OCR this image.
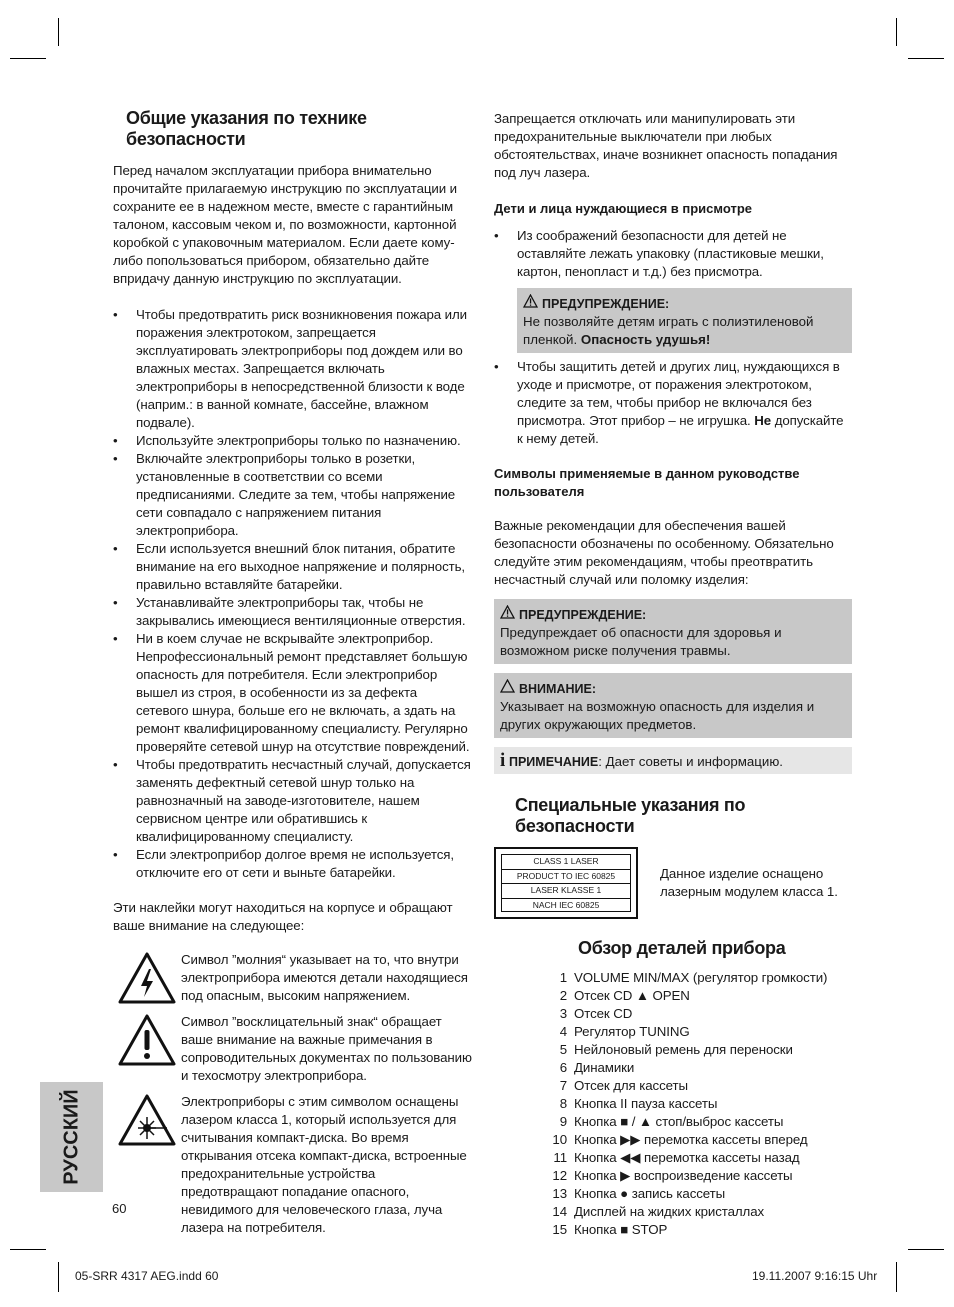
Общие указания по технике безопасности

Перед началом эксплуатации прибора внимательно прочитайте прилагаемую инструкцию по эксплуатации и сохраните ее в надежном месте, вместе с гарантийным талоном, кассовым чеком и, по возможности, картонной коробкой с упаковочным материалом. Если даете кому-либо попользоваться прибором, обязательно дайте впридачу данную инструкцию по эксплуатации.

• Чтобы предотвратить риск возникновения пожара или поражения электротоком, запрещается эксплуатировать электроприборы под дождем или во влажных местах. Запрещается включать электроприборы в непосредственной близости к воде (наприм.: в ванной комнате, бассейне, влажном подвале).
• Используйте электроприборы только по назначению.
• Включайте электроприборы только в розетки, установленные в соответствии со всеми предписаниями. Следите за тем, чтобы напряжение сети совпадало с напряжением питания электроприбора.
• Если используется внешний блок питания, обратите внимание на его выходное напряжение и полярность, правильно вставляйте батарейки.
• Устанавливайте электроприборы так, чтобы не закрывались имеющиеся вентиляционные отверстия.
• Ни в коем случае не вскрывайте электроприбор. Непрофессиональный ремонт представляет большую опасность для потребителя. Если электроприбор вышел из строя, в особенности из за дефекта сетевого шнура, больше его не включать, а здать на ремонт квалифицированному специалисту. Регулярно проверяйте сетевой шнур на отсутствие повреждений.
• Чтобы предотвратить несчастный случай, допускается заменять дефектный сетевой шнур только на равнозначный на заводе-изготовителе, нашем сервисном центре или обратившись к квалифицированному специалисту.
• Если электроприбор долгое время не используется, отключите его от сети и выньте батарейки.

Эти наклейки могут находиться на корпусе и обращают ваше внимание на следующее:

Символ ”молния“ указывает на то, что внутри электроприбора имеются детали находящиеся под опасным, высоким напряжением.
Символ ”восклицательный знак“ обращает ваше внимание на важные примечания в сопроводительных документах по пользованию и техосмотру электроприбора.
Электроприборы с этим символом оснащены лазером класса 1, который используется для считывания компакт-диска. Во время открывания отсека компакт-диска, встроенные предохранительные устройства предотвращают попадание опасного, невидимого для человеческого глаза, луча лазера на потребителя.

Запрещается отключать или манипулировать эти предохранительные выключатели при любых обстоятельствах, иначе возникнет опасность попадания под луч лазера.

Дети и лица нуждающиеся в присмотре
• Из соображений безопасности для детей не оставляйте лежать упаковку (пластиковые мешки, картон, пенопласт и т.д.) без присмотра.
ПРЕДУПРЕЖДЕНИЕ:
Не позволяйте детям играть с полиэтиленовой пленкой. Опасность удушья!
• Чтобы защитить детей и других лиц, нуждающихся в уходе и присмотре, от поражения электротоком, следите за тем, чтобы прибор не включался без присмотра. Этот прибор – не игрушка. Не допускайте к нему детей.
Символы применяемые в данном руководстве пользователя

Важные рекомендации для обеспечения вашей безопасности обозначены по особенному. Обязательно следуйте этим рекомендациям, чтобы преотвратить несчастный случай или поломку изделия:

ПРЕДУПРЕЖДЕНИЕ:
Предупреждает об опасности для здоровья и возможном риске получения травмы.
ВНИМАНИЕ:
Указывает на возможную опасность для изделия и других окружающих предметов.
i ПРИМЕЧАНИЕ: Дает советы и информацию.
Специальные указания по безопасности
CLASS 1 LASER
PRODUCT TO IEC 60825
LASER KLASSE 1
NACH IEC 60825
Данное изделие оснащено лазерным модулем класса 1.
Обзор деталей прибора
1 VOLUME MIN/MAX (регулятор громкости)
2 Отсек CD ▲ OPEN
3 Отсек CD
4 Регулятор TUNING
5 Нейлоновый ремень для переноски
6 Динамики
7 Отсек для кассеты
8 Кнопка II пауза кассеты
9 Кнопка ■ / ▲ стоп/выброс кассеты
10 Кнопка ▶▶ перемотка кассеты вперед
11 Кнопка ◀◀ перемотка кассеты назад
12 Кнопка ▶ воспроизведение кассеты
13 Кнопка ● запись кассеты
14 Дисплей на жидких кристаллах
15 Кнопка ■ STOP
РУССКИЙ
60
05-SRR 4317 AEG.indd 60	19.11.2007 9:16:15 Uhr
